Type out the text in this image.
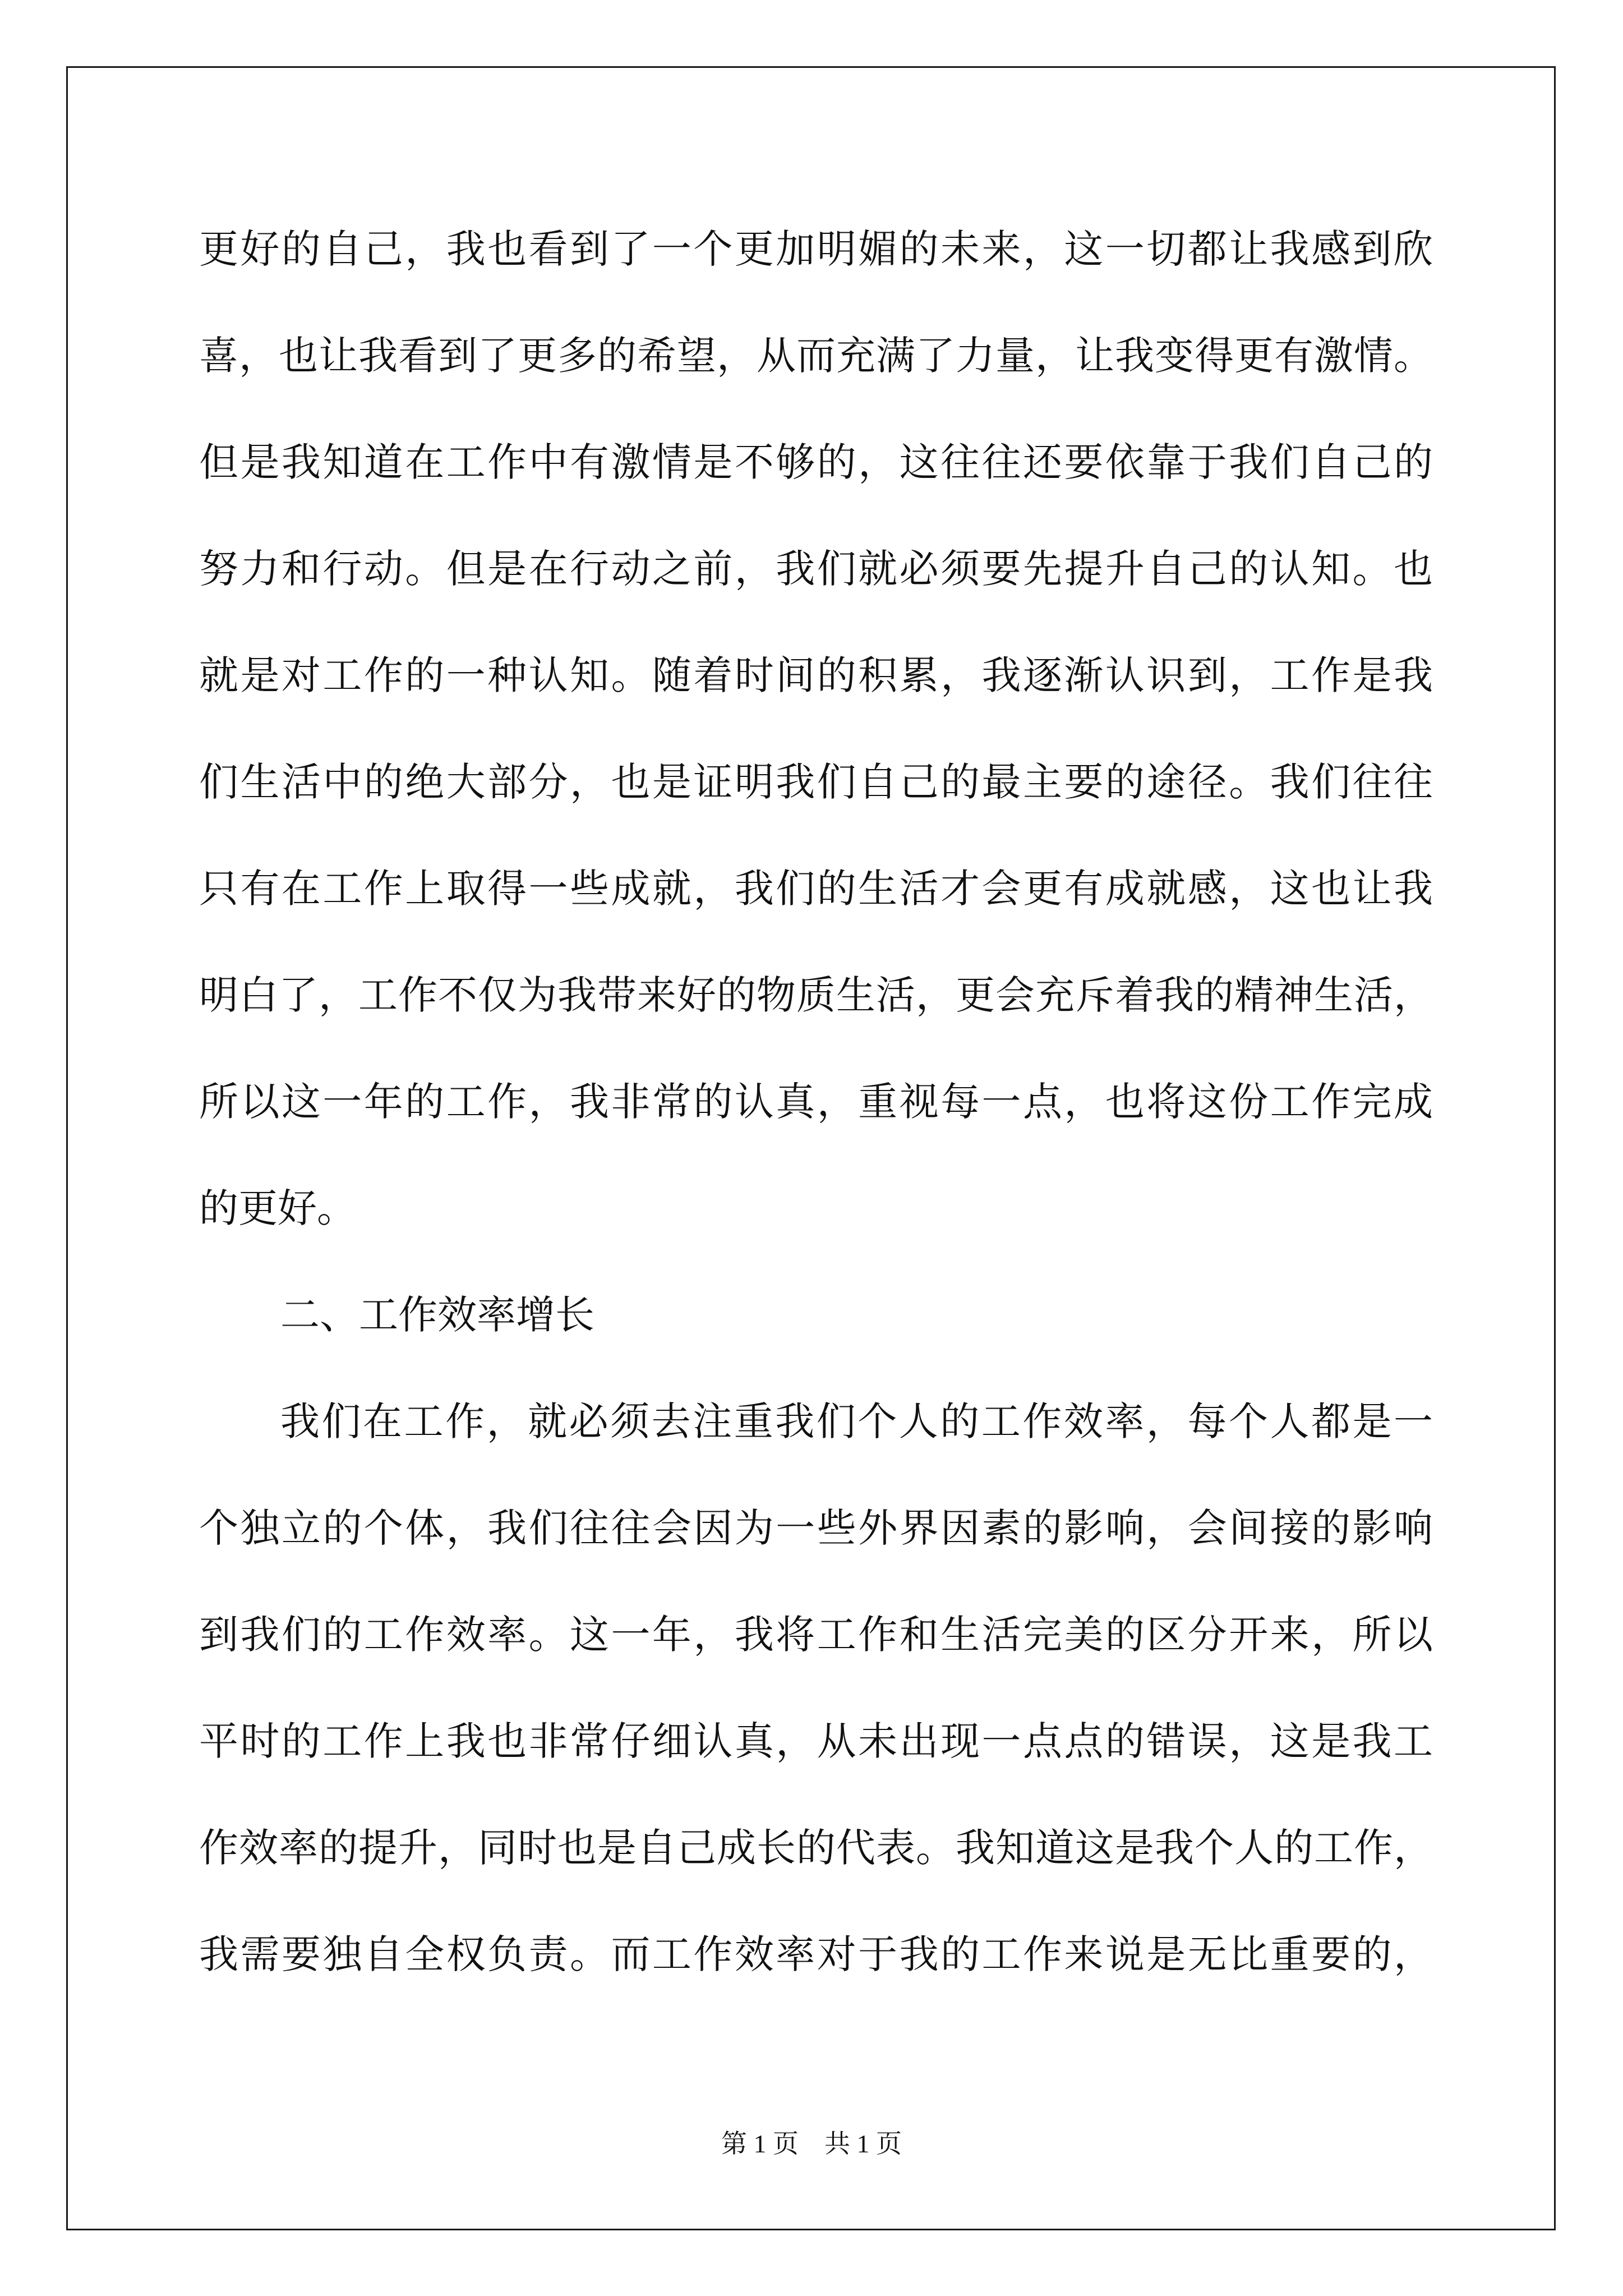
更好的自己，我也看到了一个更加明媚的未来，这一切都让我感到欣
喜，也让我看到了更多的希望，从而充满了力量，让我变得更有激情。
但是我知道在工作中有激情是不够的，这往往还要依靠于我们自己的
努力和行动。但是在行动之前，我们就必须要先提升自己的认知。也
就是对工作的一种认知。随着时间的积累，我逐渐认识到，工作是我
们生活中的绝大部分，也是证明我们自己的最主要的途径。我们往往
只有在工作上取得一些成就，我们的生活才会更有成就感，这也让我
明白了，工作不仅为我带来好的物质生活，更会充斥着我的精神生活，
所以这一年的工作，我非常的认真，重视每一点，也将这份工作完成
的更好。
二、工作效率增长
我们在工作，就必须去注重我们个人的工作效率，每个人都是一
个独立的个体，我们往往会因为一些外界因素的影响，会间接的影响
到我们的工作效率。这一年，我将工作和生活完美的区分开来，所以
平时的工作上我也非常仔细认真，从未出现一点点的错误，这是我工
作效率的提升，同时也是自己成长的代表。我知道这是我个人的工作，
我需要独自全权负责。而工作效率对于我的工作来说是无比重要的，
第 1 页　共 1 页
